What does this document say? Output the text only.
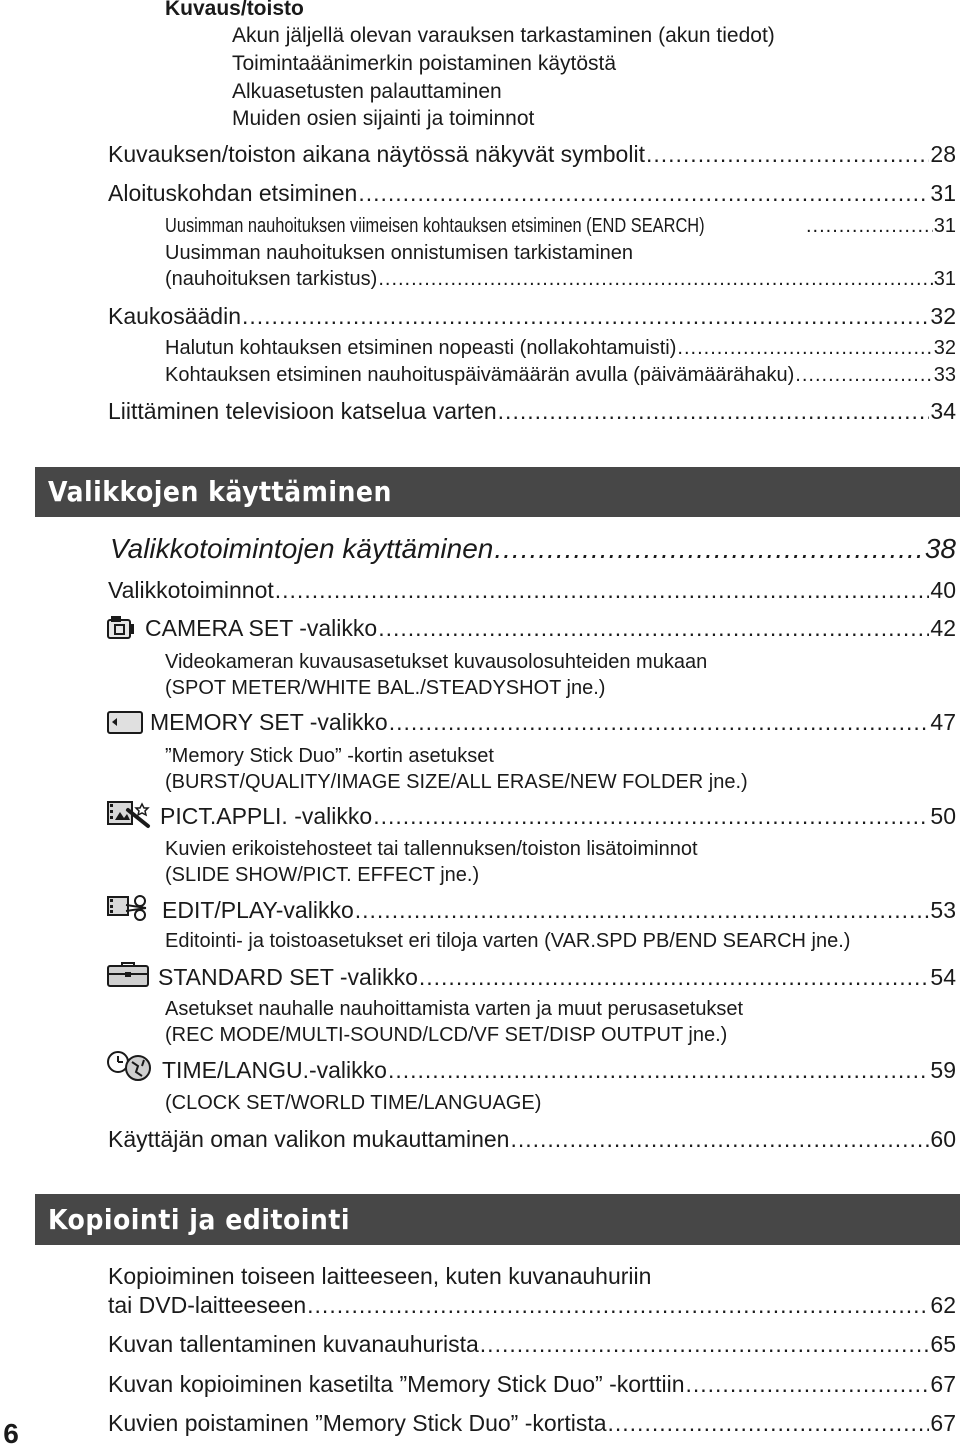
6
Kuvaus/toisto
Akun jäljellä olevan varauksen tarkastaminen (akun tiedot)
Toimintaäänimerkin poistaminen käytöstä
Alkuasetusten palauttaminen
Muiden osien sijainti ja toiminnot
Kuvauksen/toiston aikana näytössä näkyvät symbolit .....	28
Aloituskohdan etsiminen .....	31
Uusimman nauhoituksen viimeisen kohtauksen etsiminen (END SEARCH) .....	31
Uusimman nauhoituksen onnistumisen tarkistaminen
(nauhoituksen tarkistus) .....	31
Kaukosäädin .....	32
Halutun kohtauksen etsiminen nopeasti (nollakohtamuisti) .....	32
Kohtauksen etsiminen nauhoituspäivämäärän avulla (päivämäärähaku) .....	33
Liittäminen televisioon katselua varten .....	34
Valikkojen käyttäminen
Valikkotoimintojen käyttäminen .....	38
Valikkotoiminnot .....	40
CAMERA SET -valikko .....	42
Videokameran kuvausasetukset kuvausolosuhteiden mukaan
(SPOT METER/WHITE BAL./STEADYSHOT jne.)
MEMORY SET -valikko .....	47
”Memory Stick Duo” -kortin asetukset
(BURST/QUALITY/IMAGE SIZE/ALL ERASE/NEW FOLDER jne.)
PICT.APPLI. -valikko .....	50
Kuvien erikoistehosteet tai tallennuksen/toiston lisätoiminnot
(SLIDE SHOW/PICT. EFFECT jne.)
EDIT/PLAY-valikko .....	53
Editointi- ja toistoasetukset eri tiloja varten (VAR.SPD PB/END SEARCH jne.)
STANDARD SET -valikko .....	54
Asetukset nauhalle nauhoittamista varten ja muut perusasetukset
(REC MODE/MULTI-SOUND/LCD/VF SET/DISP OUTPUT jne.)
TIME/LANGU.-valikko .....	59
(CLOCK SET/WORLD TIME/LANGUAGE)
Käyttäjän oman valikon mukauttaminen .....	60
Kopiointi ja editointi
Kopioiminen toiseen laitteeseen, kuten kuvanauhuriin
tai DVD-laitteeseen .....	62
Kuvan tallentaminen kuvanauhurista .....	65
Kuvan kopioiminen kasetilta ”Memory Stick Duo” -korttiin .....	67
Kuvien poistaminen ”Memory Stick Duo” -kortista .....	67
